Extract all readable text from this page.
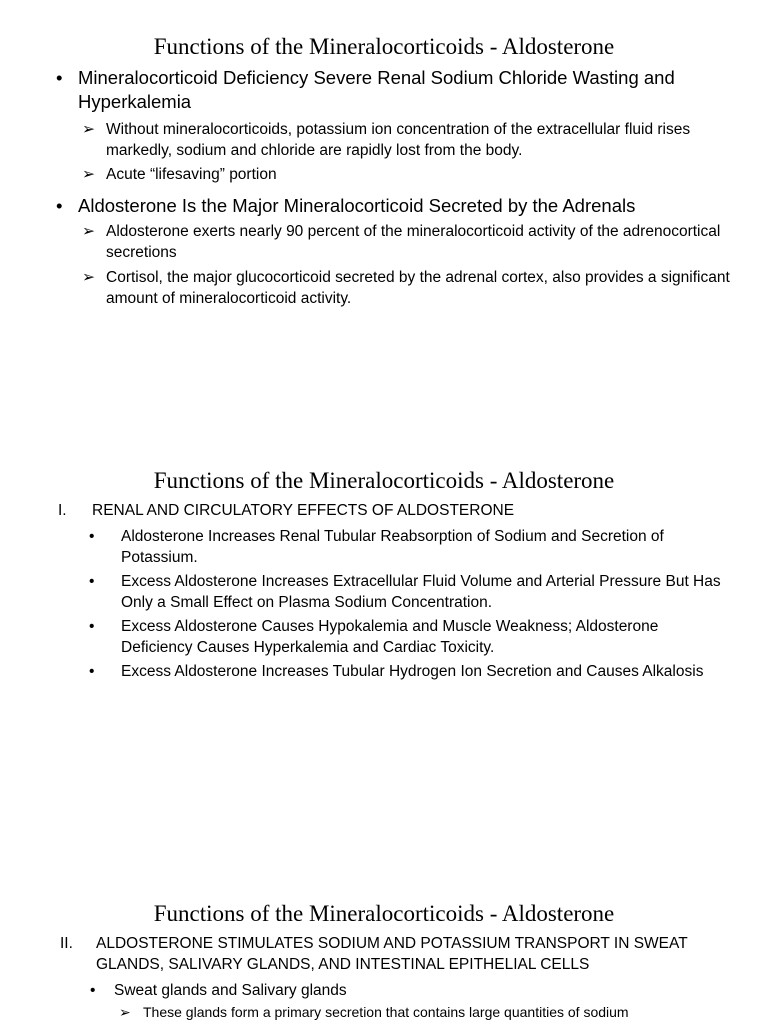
Functions of the Mineralocorticoids - Aldosterone
• Mineralocorticoid Deficiency Severe Renal Sodium Chloride Wasting and Hyperkalemia
➢ Without mineralocorticoids, potassium ion concentration of the extracellular fluid rises markedly, sodium and chloride are rapidly lost from the body.
➢ Acute “lifesaving” portion
• Aldosterone Is the Major Mineralocorticoid Secreted by the Adrenals
➢ Aldosterone exerts nearly 90 percent of the mineralocorticoid activity of the adrenocortical secretions
➢ Cortisol, the major glucocorticoid secreted by the adrenal cortex, also provides a significant amount of mineralocorticoid activity.
Functions of the Mineralocorticoids - Aldosterone
I. RENAL AND CIRCULATORY EFFECTS OF ALDOSTERONE
• Aldosterone Increases Renal Tubular Reabsorption of Sodium and Secretion of Potassium.
• Excess Aldosterone Increases Extracellular Fluid Volume and Arterial Pressure But Has Only a Small Effect on Plasma Sodium Concentration.
• Excess Aldosterone Causes Hypokalemia and Muscle Weakness; Aldosterone Deficiency Causes Hyperkalemia and Cardiac Toxicity.
• Excess Aldosterone Increases Tubular Hydrogen Ion Secretion and Causes Alkalosis
Functions of the Mineralocorticoids - Aldosterone
II. ALDOSTERONE STIMULATES SODIUM AND POTASSIUM TRANSPORT IN SWEAT GLANDS, SALIVARY GLANDS, AND INTESTINAL EPITHELIAL CELLS
• Sweat glands and Salivary glands
➢ These glands form a primary secretion that contains large quantities of sodium
